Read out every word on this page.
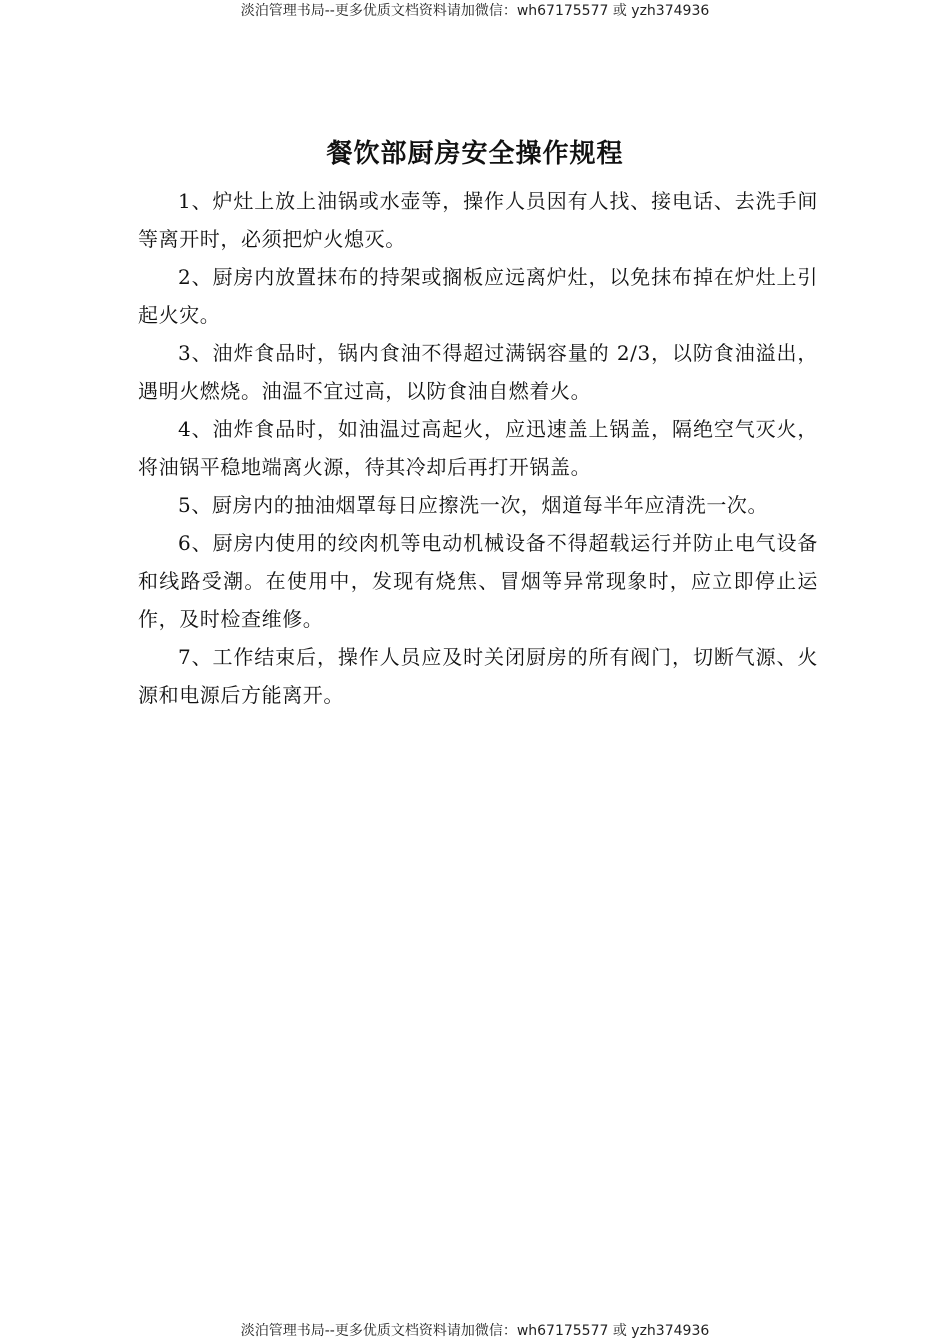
淡泊管理书局--更多优质文档资料请加微信：wh67175577 或 yzh374936
餐饮部厨房安全操作规程

1、炉灶上放上油锅或水壶等，操作人员因有人找、接电话、去洗手间等离开时，必须把炉火熄灭。

2、厨房内放置抹布的持架或搁板应远离炉灶，以免抹布掉在炉灶上引起火灾。

3、油炸食品时，锅内食油不得超过满锅容量的 2/3，以防食油溢出，遇明火燃烧。油温不宜过高，以防食油自燃着火。

4、油炸食品时，如油温过高起火，应迅速盖上锅盖，隔绝空气灭火，将油锅平稳地端离火源，待其冷却后再打开锅盖。

5、厨房内的抽油烟罩每日应擦洗一次，烟道每半年应清洗一次。

6、厨房内使用的绞肉机等电动机械设备不得超载运行并防止电气设备和线路受潮。在使用中，发现有烧焦、冒烟等异常现象时，应立即停止运作，及时检查维修。

7、工作结束后，操作人员应及时关闭厨房的所有阀门，切断气源、火源和电源后方能离开。

淡泊管理书局--更多优质文档资料请加微信：wh67175577 或 yzh374936
